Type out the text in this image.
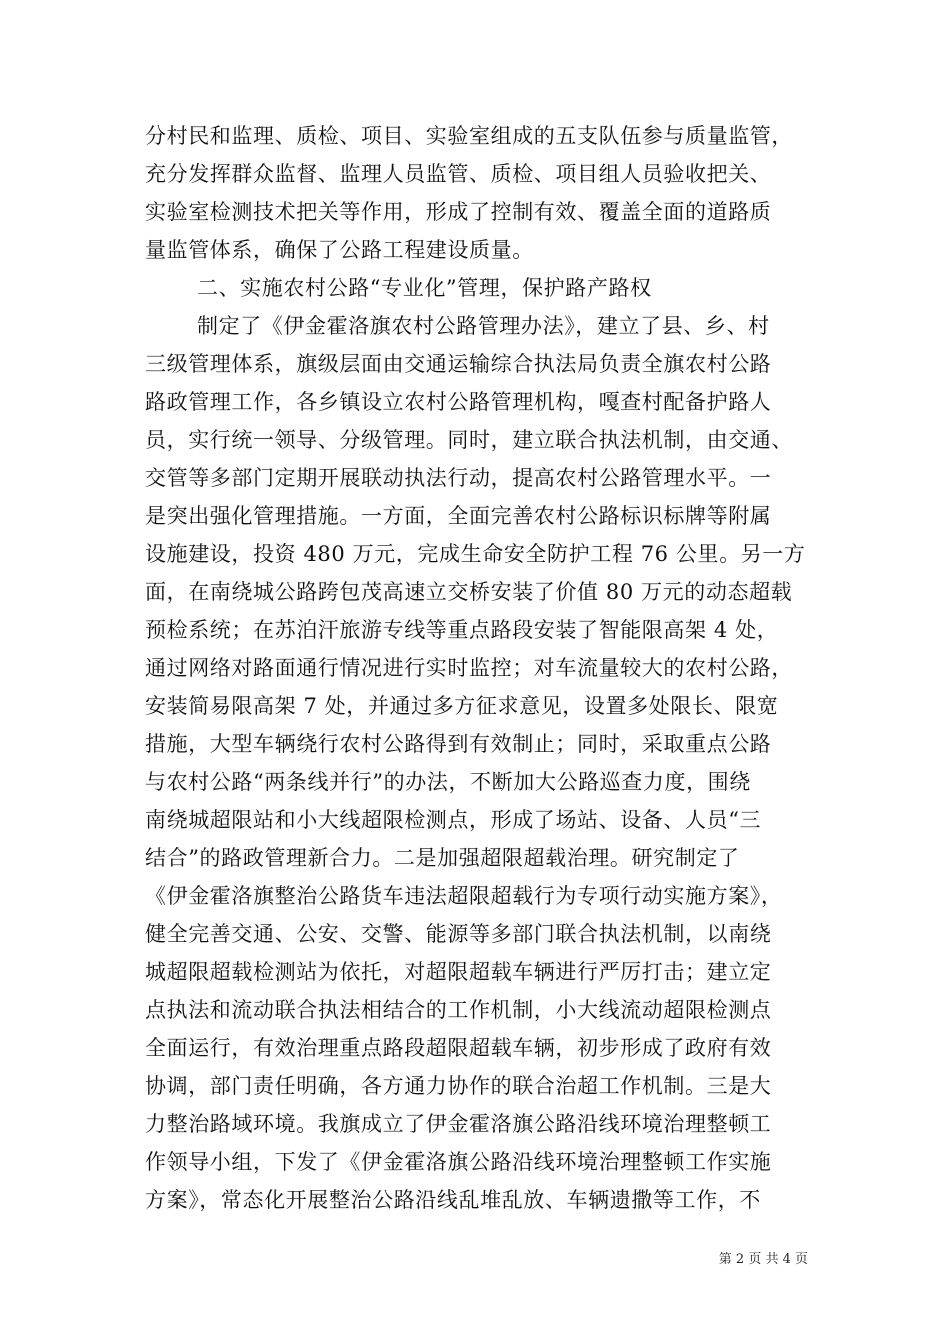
分村民和监理、质检、项目、实验室组成的五支队伍参与质量监管，
充分发挥群众监督、监理人员监管、质检、项目组人员验收把关、
实验室检测技术把关等作用，形成了控制有效、覆盖全面的道路质
量监管体系，确保了公路工程建设质量。
二、实施农村公路“专业化”管理，保护路产路权
制定了《伊金霍洛旗农村公路管理办法》，建立了县、乡、村
三级管理体系，旗级层面由交通运输综合执法局负责全旗农村公路
路政管理工作，各乡镇设立农村公路管理机构，嘎查村配备护路人
员，实行统一领导、分级管理。同时，建立联合执法机制，由交通、
交管等多部门定期开展联动执法行动，提高农村公路管理水平。一
是突出强化管理措施。一方面，全面完善农村公路标识标牌等附属
设施建设，投资 480 万元，完成生命安全防护工程 76 公里。另一方
面，在南绕城公路跨包茂高速立交桥安装了价值 80 万元的动态超载
预检系统；在苏泊汗旅游专线等重点路段安装了智能限高架 4 处，
通过网络对路面通行情况进行实时监控；对车流量较大的农村公路，
安装简易限高架 7 处，并通过多方征求意见，设置多处限长、限宽
措施，大型车辆绕行农村公路得到有效制止；同时，采取重点公路
与农村公路“两条线并行”的办法，不断加大公路巡查力度，围绕
南绕城超限站和小大线超限检测点，形成了场站、设备、人员“三
结合”的路政管理新合力。二是加强超限超载治理。研究制定了
《伊金霍洛旗整治公路货车违法超限超载行为专项行动实施方案》，
健全完善交通、公安、交警、能源等多部门联合执法机制，以南绕
城超限超载检测站为依托，对超限超载车辆进行严厉打击；建立定
点执法和流动联合执法相结合的工作机制，小大线流动超限检测点
全面运行，有效治理重点路段超限超载车辆，初步形成了政府有效
协调，部门责任明确，各方通力协作的联合治超工作机制。三是大
力整治路域环境。我旗成立了伊金霍洛旗公路沿线环境治理整顿工
作领导小组，下发了《伊金霍洛旗公路沿线环境治理整顿工作实施
方案》，常态化开展整治公路沿线乱堆乱放、车辆遗撒等工作，不
第 2 页 共 4 页
